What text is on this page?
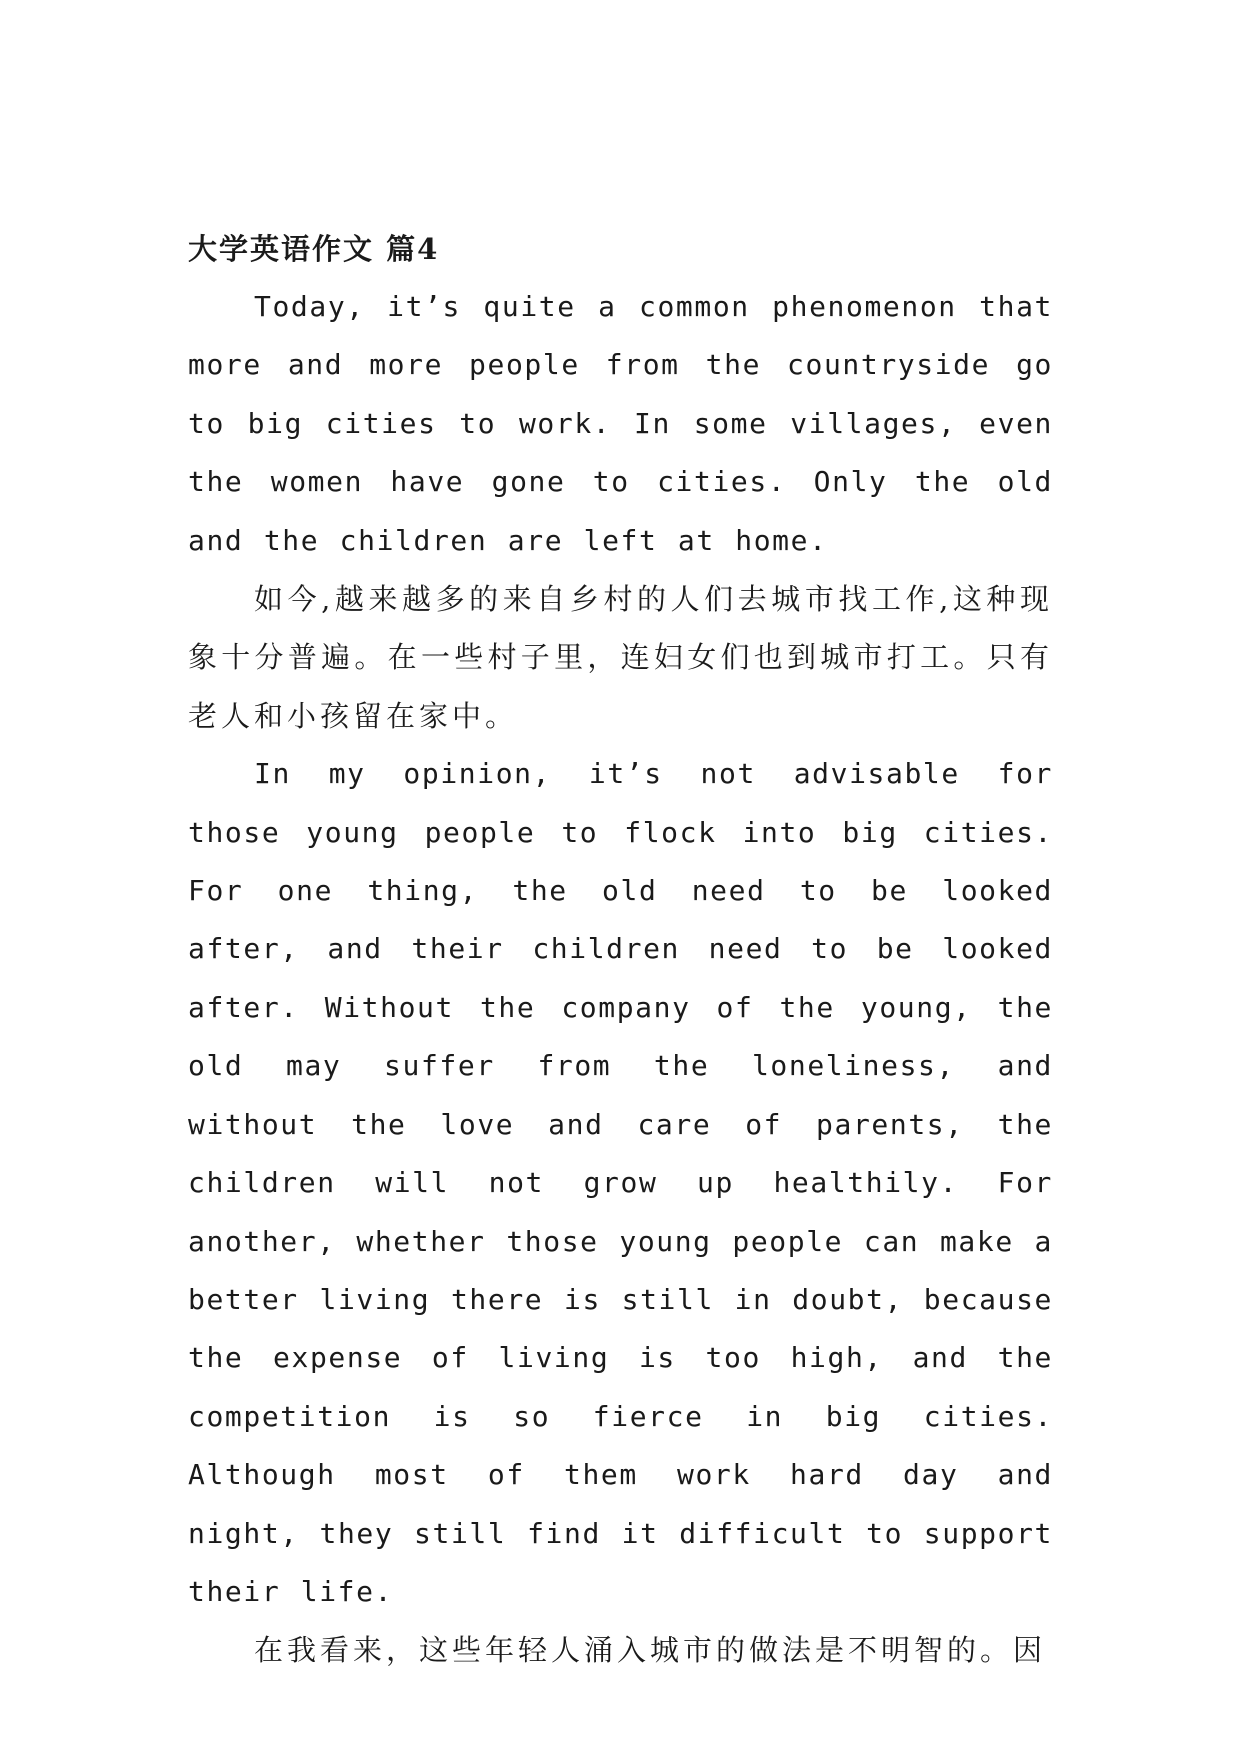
大学英语作文 篇4

Today, it’s quite a common phenomenon that more and more people from the countryside go to big cities to work. In some villages, even the women have gone to cities. Only the old and the children are left at home.

如今,越来越多的来自乡村的人们去城市找工作,这种现象十分普遍。在一些村子里，连妇女们也到城市打工。只有老人和小孩留在家中。

In my opinion, it’s not advisable for those young people to flock into big cities. For one thing, the old need to be looked after, and their children need to be looked after. Without the company of the young, the old may suffer from the loneliness, and without the love and care of parents, the children will not grow up healthily. For another, whether those young people can make a better living there is still in doubt, because the expense of living is too high, and the competition is so fierce in big cities. Although most of them work hard day and night, they still find it difficult to support their life.

在我看来，这些年轻人涌入城市的做法是不明智的。因
